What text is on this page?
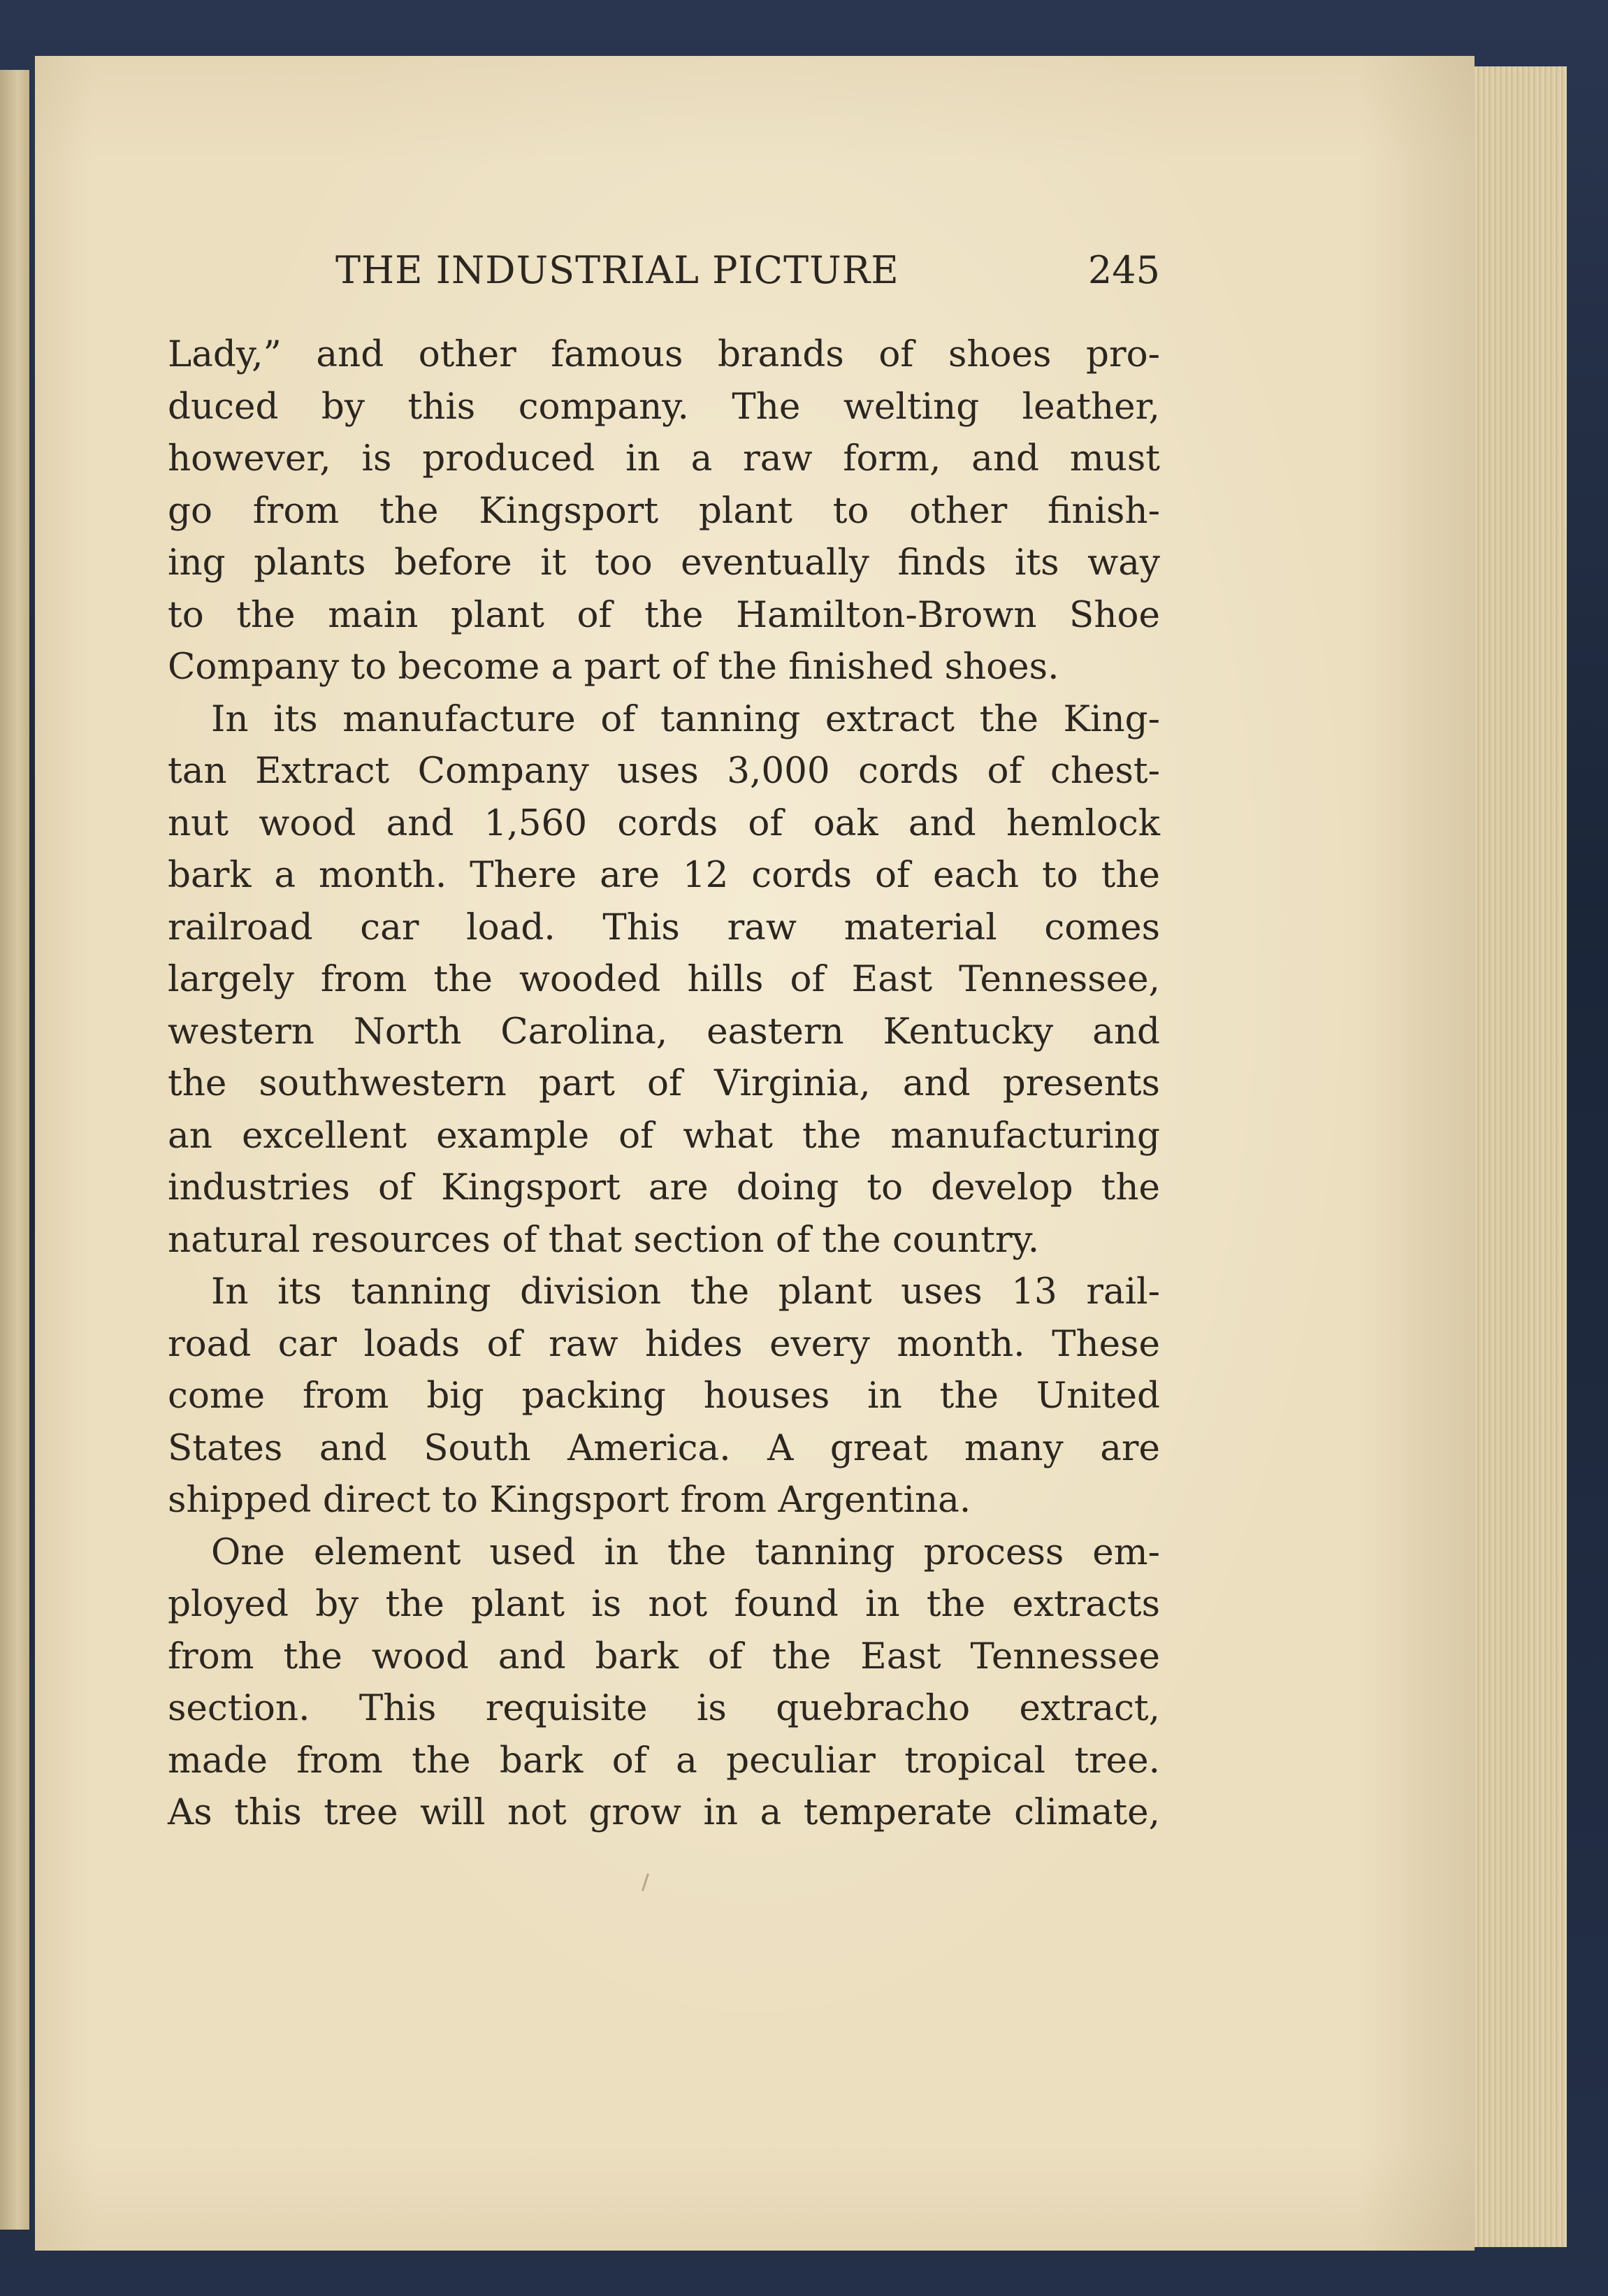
THE INDUSTRIAL PICTURE	245
Lady,” and other famous brands of shoes pro-
duced by this company. The welting leather,
however, is produced in a raw form, and must
go from the Kingsport plant to other finish-
ing plants before it too eventually finds its way
to the main plant of the Hamilton-Brown Shoe
Company to become a part of the finished shoes.
In its manufacture of tanning extract the King-
tan Extract Company uses 3,000 cords of chest-
nut wood and 1,560 cords of oak and hemlock
bark a month. There are 12 cords of each to the
railroad car load. This raw material comes
largely from the wooded hills of East Tennessee,
western North Carolina, eastern Kentucky and
the southwestern part of Virginia, and presents
an excellent example of what the manufacturing
industries of Kingsport are doing to develop the
natural resources of that section of the country.
In its tanning division the plant uses 13 rail-
road car loads of raw hides every month. These
come from big packing houses in the United
States and South America. A great many are
shipped direct to Kingsport from Argentina.
One element used in the tanning process em-
ployed by the plant is not found in the extracts
from the wood and bark of the East Tennessee
section. This requisite is quebracho extract,
made from the bark of a peculiar tropical tree.
As this tree will not grow in a temperate climate,
